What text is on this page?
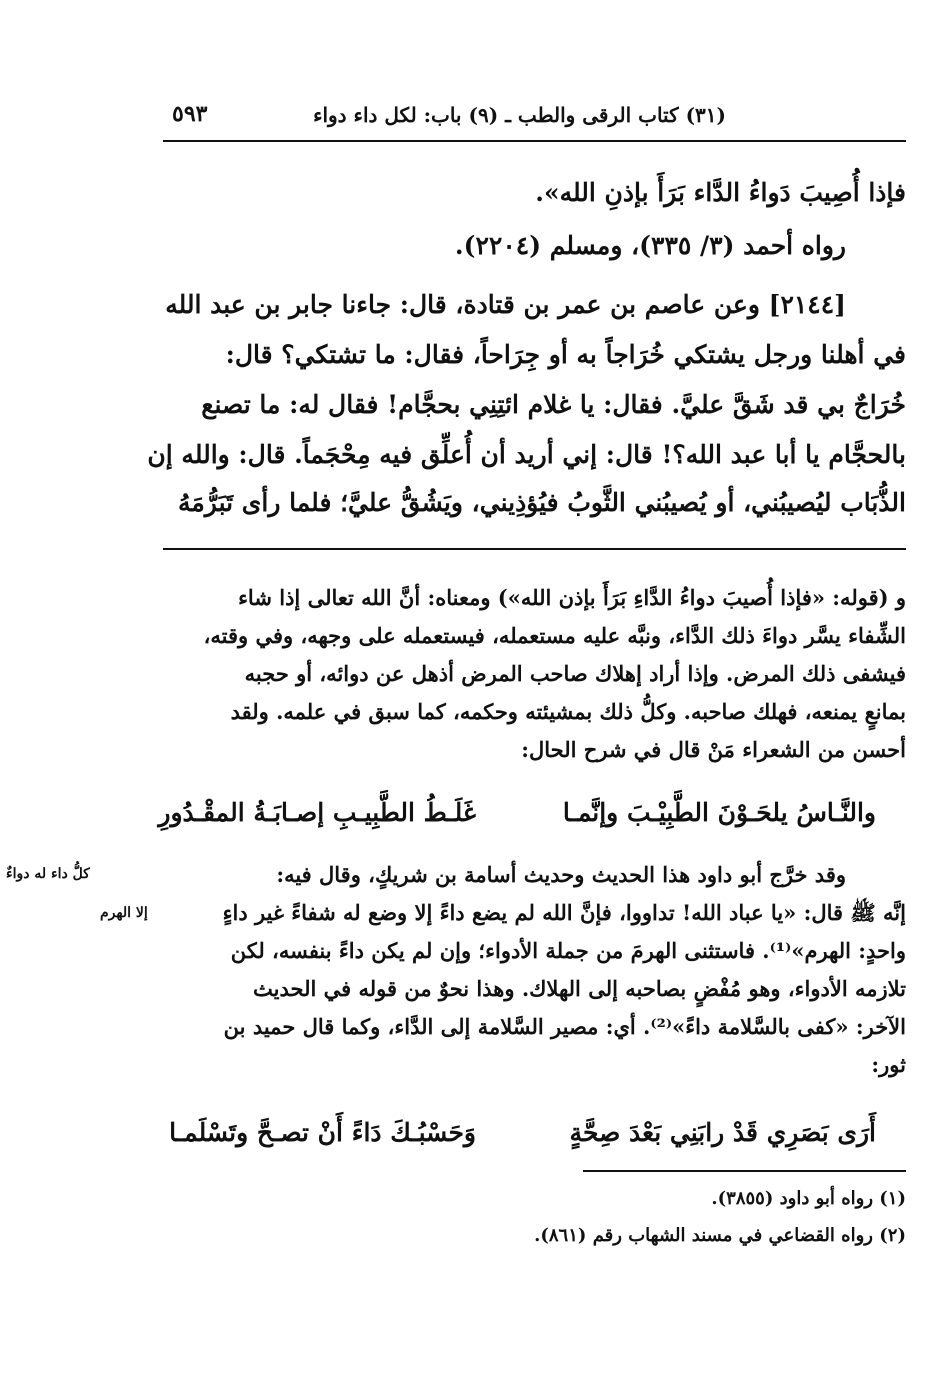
(٣١) كتاب الرقى والطب ـ (٩) باب: لكل داء دواء
٥٩٣
فإذا أُصِيبَ دَواءُ الدَّاء بَرَأَ بإذنِ الله».
رواه أحمد (٣/ ٣٣٥)، ومسلم (٢٢٠٤).
[٢١٤٤] وعن عاصم بن عمر بن قتادة، قال: جاءنا جابر بن عبد الله
في أهلنا ورجل يشتكي خُرَاجاً به أو جِرَاحاً، فقال: ما تشتكي؟ قال:
خُرَاجٌ بي قد شَقَّ عليَّ. فقال: يا غلام ائتِنِي بحجَّام! فقال له: ما تصنع
بالحجَّام يا أبا عبد الله؟! قال: إني أريد أن أُعلِّق فيه مِحْجَماً. قال: والله إن
الذُّبَاب ليُصيبُني، أو يُصيبُني الثَّوبُ فيُؤذِيني، ويَشُقُّ عليَّ؛ فلما رأى تَبَرُّمَهُ
و (قوله: «فإذا أُصيبَ دواءُ الدَّاءِ بَرَأَ بإذن الله») ومعناه: أنَّ الله تعالى إذا شاء
الشِّفاء يسَّر دواءَ ذلك الدَّاء، ونبَّه عليه مستعمله، فيستعمله على وجهه، وفي وقته،
فيشفى ذلك المرض. وإذا أراد إهلاك صاحب المرض أذهل عن دوائه، أو حجبه
بمانعٍ يمنعه، فهلك صاحبه. وكلُّ ذلك بمشيئته وحكمه، كما سبق في علمه. ولقد
أحسن من الشعراء مَنْ قال في شرح الحال:
والنَّـاسُ يلحَـوْنَ الطَّبِيْـبَ وإنَّمـا
غَلَـطُ الطَّبِيـبِ إصـابَـةُ المقْـدُورِ
وقد خرَّج أبو داود هذا الحديث وحديث أسامة بن شريكٍ، وقال فيه:
إنَّه ﷺ قال: «يا عباد الله! تداووا، فإنَّ الله لم يضع داءً إلا وضع له شفاءً غير داءٍ
واحدٍ: الهرم»⁽¹⁾. فاستثنى الهرمَ من جملة الأدواء؛ وإن لم يكن داءً بنفسه، لكن
تلازمه الأدواء، وهو مُفْضٍ بصاحبه إلى الهلاك. وهذا نحوٌ من قوله في الحديث
الآخر: «كفى بالسَّلامة داءً»⁽²⁾. أي: مصير السَّلامة إلى الدَّاء، وكما قال حميد بن
ثور:
أَرَى بَصَرِي قَدْ رابَنِي بَعْدَ صِحَّةٍ
وَحَسْبُـكَ دَاءً أَنْ تصـحَّ وتَسْلَمـا
كلُّ داء له دواءٌ
إلا الهرم
(١) رواه أبو داود (٣٨٥٥).
(٢) رواه القضاعي في مسند الشهاب رقم (٨٦١).
